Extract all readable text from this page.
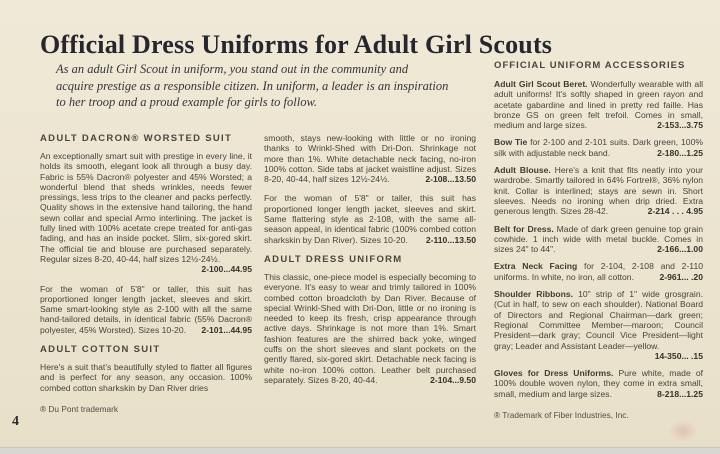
Official Dress Uniforms for Adult Girl Scouts
As an adult Girl Scout in uniform, you stand out in the community and
acquire prestige as a responsible citizen. In uniform, a leader is an inspiration
to her troop and a proud example for girls to follow.
ADULT DACRON® WORSTED SUIT

An exceptionally smart suit with prestige in every line, it holds its smooth, elegant look all through a busy day. Fabric is 55% Dacron® polyester and 45% Worsted; a wonderful blend that sheds wrinkles, needs fewer pressings, less trips to the cleaner and packs perfectly. Quality shows in the extensive hand tailoring, the hand sewn collar and special Armo interlining. The jacket is fully lined with 100% acetate crepe treated for anti-gas fading, and has an inside pocket. Slim, six-gored skirt. The official tie and blouse are purchased separately. Regular sizes 8-20, 40-44, half sizes 12½-24½.
2-100...44.95

For the woman of 5'8" or taller, this suit has proportioned longer length jacket, sleeves and skirt. Same smart-looking style as 2-100 with all the same hand-tailored details, in identical fabric (55% Dacron® polyester, 45% Worsted). Sizes 10-20.	2-101...44.95

ADULT COTTON SUIT

Here's a suit that's beautifully styled to flatter all figures and is perfect for any season, any occasion. 100% combed cotton sharkskin by Dan River dries

® Du Pont trademark

smooth, stays new-looking with little or no ironing thanks to Wrinkl-Shed with Dri-Don. Shrinkage not more than 1%. White detachable neck facing, no-iron 100% cotton. Side tabs at jacket waistline adjust. Sizes 8-20, 40-44, half sizes 12½-24½.	2-108...13.50

For the woman of 5'8" or taller, this suit has proportioned longer length jacket, sleeves and skirt. Same flattering style as 2-108, with the same all-season appeal, in identical fabric (100% combed cotton sharkskin by Dan River). Sizes 10-20.	2-110...13.50

ADULT DRESS UNIFORM

This classic, one-piece model is especially becoming to everyone. It's easy to wear and trimly tailored in 100% combed cotton broadcloth by Dan River. Because of special Wrinkl-Shed with Dri-Don, little or no ironing is needed to keep its fresh, crisp appearance through active days. Shrinkage is not more than 1%. Smart fashion features are the shirred back yoke, winged cuffs on the short sleeves and slant pockets on the gently flared, six-gored skirt. Detachable neck facing is white no-iron 100% cotton. Leather belt purchased separately. Sizes 8-20, 40-44.	2-104...9.50

OFFICIAL UNIFORM ACCESSORIES

Adult Girl Scout Beret. Wonderfully wearable with all adult uniforms! It's softly shaped in green rayon and acetate gabardine and lined in pretty red faille. Has bronze GS on green felt trefoil. Comes in small, medium and large sizes.	2-153...3.75

Bow Tie for 2-100 and 2-101 suits. Dark green, 100% silk with adjustable neck band.	2-180...1.25

Adult Blouse. Here's a knit that fits neatly into your wardrobe. Smartly tailored in 64% Fortrel®, 36% nylon knit. Collar is interlined; stays are sewn in. Short sleeves. Needs no ironing when drip dried. Extra generous length. Sizes 28-42.	2-214 . . . 4.95

Belt for Dress. Made of dark green genuine top grain cowhide. 1 inch wide with metal buckle. Comes in sizes 24" to 44".	2-166...1.00

Extra Neck Facing for 2-104, 2-108 and 2-110 uniforms. In white, no iron, all cotton.	2-961... .20

Shoulder Ribbons. 10" strip of 1" wide grosgrain. (Cut in half, to sew on each shoulder). National Board of Directors and Regional Chairman—dark green; Regional Committee Member—maroon; Council President—dark gray; Council Vice President—light gray; Leader and Assistant Leader—yellow.
14-350... .15

Gloves for Dress Uniforms. Pure white, made of 100% double woven nylon, they come in extra small, small, medium and large sizes.	8-218...1.25

® Trademark of Fiber Industries, Inc.

4
